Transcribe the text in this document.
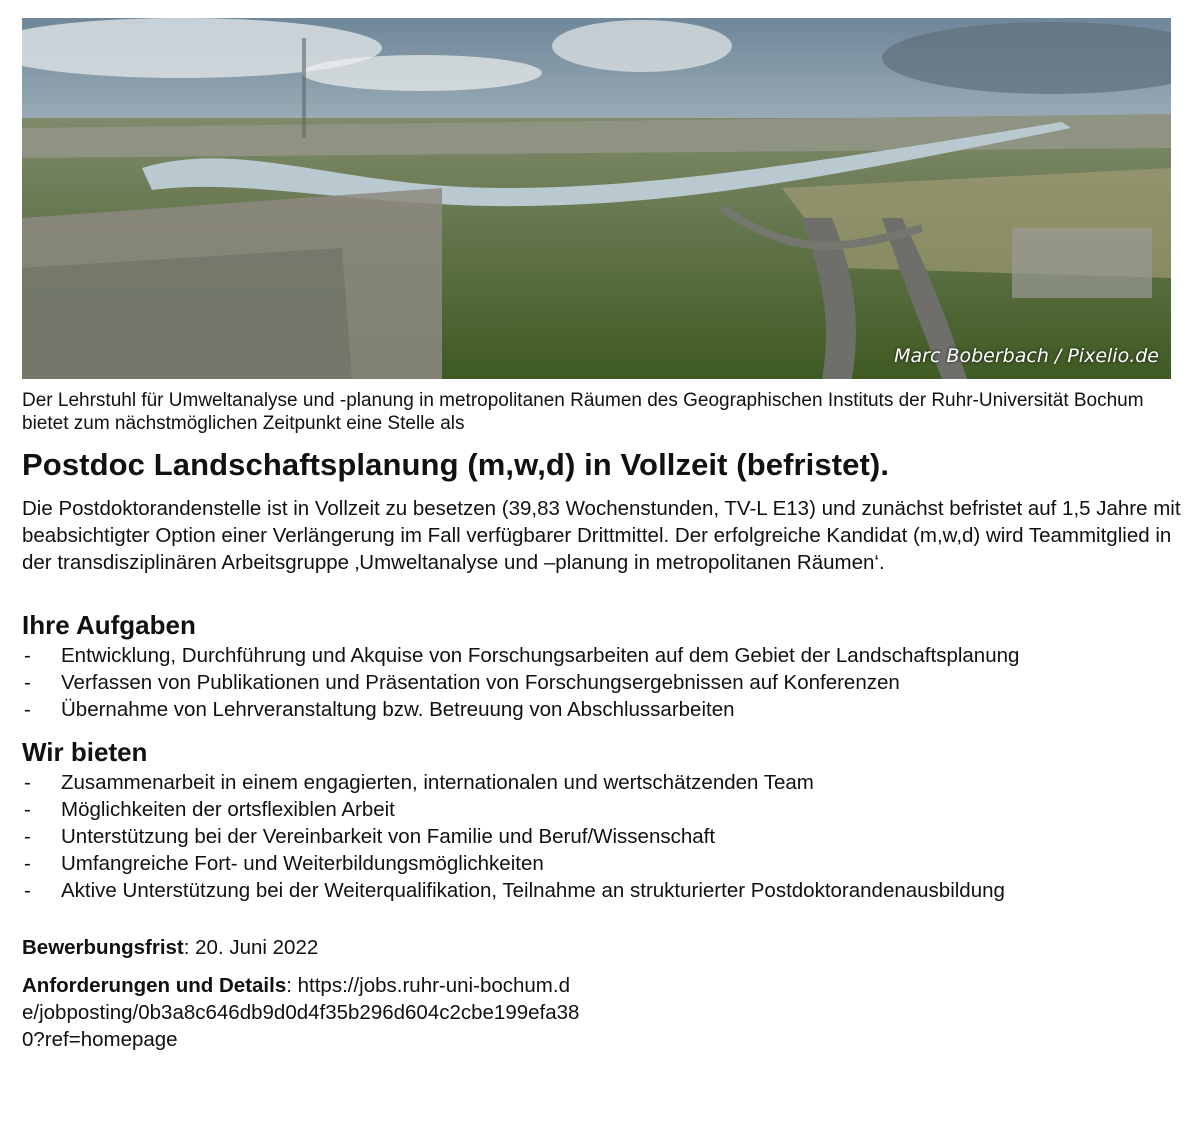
Marc Boberbach / Pixelio.de

Der Lehrstuhl für Umweltanalyse und -planung in metropolitanen Räumen des Geographischen Instituts der Ruhr-Universität Bochum bietet zum nächstmöglichen Zeitpunkt eine Stelle als

Postdoc Landschaftsplanung (m,w,d) in Vollzeit (befristet).

Die Postdoktorandenstelle ist in Vollzeit zu besetzen (39,83 Wochenstunden, TV-L E13) und zunächst befristet auf 1,5 Jahre mit beabsichtigter Option einer Verlängerung im Fall verfügbarer Drittmittel. Der erfolgreiche Kandidat (m,w,d) wird Teammitglied in der transdisziplinären Arbeitsgruppe ‚Umweltanalyse und –planung in metropolitanen Räumen‘.

Ihre Aufgaben
- Entwicklung, Durchführung und Akquise von Forschungsarbeiten auf dem Gebiet der Landschaftsplanung
- Verfassen von Publikationen und Präsentation von Forschungsergebnissen auf Konferenzen
- Übernahme von Lehrveranstaltung bzw. Betreuung von Abschlussarbeiten
Wir bieten
- Zusammenarbeit in einem engagierten, internationalen und wertschätzenden Team
- Möglichkeiten der ortsflexiblen Arbeit
- Unterstützung bei der Vereinbarkeit von Familie und Beruf/Wissenschaft
- Umfangreiche Fort- und Weiterbildungsmöglichkeiten
- Aktive Unterstützung bei der Weiterqualifikation, Teilnahme an strukturierter Postdoktorandenausbildung

Bewerbungsfrist: 20. Juni 2022

Anforderungen und Details: https://jobs.ruhr-uni-bochum.de/jobposting/0b3a8c646db9d0d4f35b296d604c2cbe199efa380?ref=homepage
